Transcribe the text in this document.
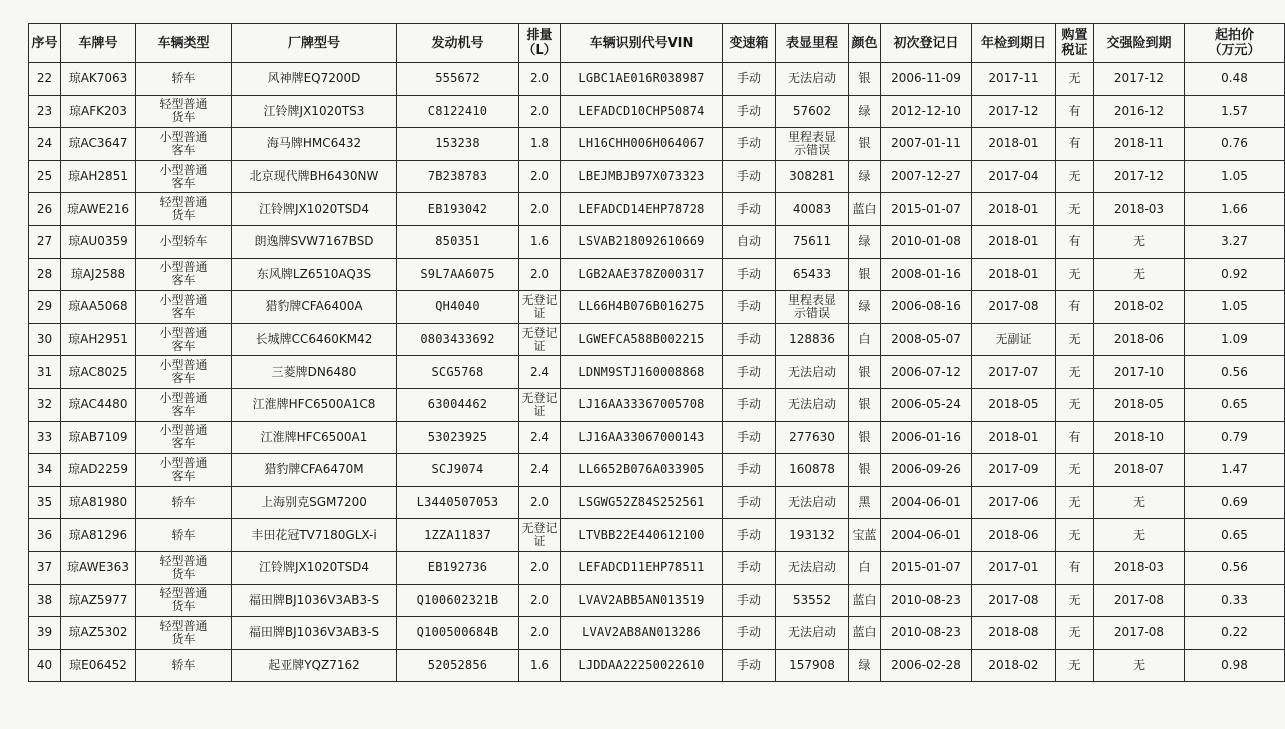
序号	车牌号	车辆类型	厂牌型号	发动机号	排量
（L）	车辆识别代号VIN	变速箱	表显里程	颜色	初次登记日	年检到期日	购置
税证	交强险到期	起拍价
（万元）
22	琼AK7063	轿车	风神牌EQ7200D	555672	2.0	LGBC1AE016R038987	手动	无法启动	银	2006-11-09	2017-11	无	2017-12	0.48
23	琼AFK203	轻型普通
货车	江铃牌JX1020TS3	C8122410	2.0	LEFADCD10CHP50874	手动	57602	绿	2012-12-10	2017-12	有	2016-12	1.57
24	琼AC3647	小型普通
客车	海马牌HMC6432	153238	1.8	LH16CHH006H064067	手动	里程表显
示错误	银	2007-01-11	2018-01	有	2018-11	0.76
25	琼AH2851	小型普通
客车	北京现代牌BH6430NW	7B238783	2.0	LBEJMBJB97X073323	手动	308281	绿	2007-12-27	2017-04	无	2017-12	1.05
26	琼AWE216	轻型普通
货车	江铃牌JX1020TSD4	EB193042	2.0	LEFADCD14EHP78728	手动	40083	蓝白	2015-01-07	2018-01	无	2018-03	1.66
27	琼AU0359	小型轿车	朗逸牌SVW7167BSD	850351	1.6	LSVAB218092610669	自动	75611	绿	2010-01-08	2018-01	有	无	3.27
28	琼AJ2588	小型普通
客车	东风牌LZ6510AQ3S	S9L7AA6075	2.0	LGB2AAE378Z000317	手动	65433	银	2008-01-16	2018-01	无	无	0.92
29	琼AA5068	小型普通
客车	猎豹牌CFA6400A	QH4040	无登记
证	LL66H4B076B016275	手动	里程表显
示错误	绿	2006-08-16	2017-08	有	2018-02	1.05
30	琼AH2951	小型普通
客车	长城牌CC6460KM42	0803433692	无登记
证	LGWEFCA588B002215	手动	128836	白	2008-05-07	无副证	无	2018-06	1.09
31	琼AC8025	小型普通
客车	三菱牌DN6480	SCG5768	2.4	LDNM9STJ160008868	手动	无法启动	银	2006-07-12	2017-07	无	2017-10	0.56
32	琼AC4480	小型普通
客车	江淮牌HFC6500A1C8	63004462	无登记
证	LJ16AA33367005708	手动	无法启动	银	2006-05-24	2018-05	无	2018-05	0.65
33	琼AB7109	小型普通
客车	江淮牌HFC6500A1	53023925	2.4	LJ16AA33067000143	手动	277630	银	2006-01-16	2018-01	有	2018-10	0.79
34	琼AD2259	小型普通
客车	猎豹牌CFA6470M	SCJ9074	2.4	LL6652B076A033905	手动	160878	银	2006-09-26	2017-09	无	2018-07	1.47
35	琼A81980	轿车	上海别克SGM7200	L3440507053	2.0	LSGWG52Z84S252561	手动	无法启动	黑	2004-06-01	2017-06	无	无	0.69
36	琼A81296	轿车	丰田花冠TV7180GLX-i	1ZZA11837	无登记
证	LTVBB22E440612100	手动	193132	宝蓝	2004-06-01	2018-06	无	无	0.65
37	琼AWE363	轻型普通
货车	江铃牌JX1020TSD4	EB192736	2.0	LEFADCD11EHP78511	手动	无法启动	白	2015-01-07	2017-01	有	2018-03	0.56
38	琼AZ5977	轻型普通
货车	福田牌BJ1036V3AB3-S	Q100602321B	2.0	LVAV2ABB5AN013519	手动	53552	蓝白	2010-08-23	2017-08	无	2017-08	0.33
39	琼AZ5302	轻型普通
货车	福田牌BJ1036V3AB3-S	Q100500684B	2.0	LVAV2AB8AN013286	手动	无法启动	蓝白	2010-08-23	2018-08	无	2017-08	0.22
40	琼E06452	轿车	起亚牌YQZ7162	52052856	1.6	LJDDAA22250022610	手动	157908	绿	2006-02-28	2018-02	无	无	0.98
